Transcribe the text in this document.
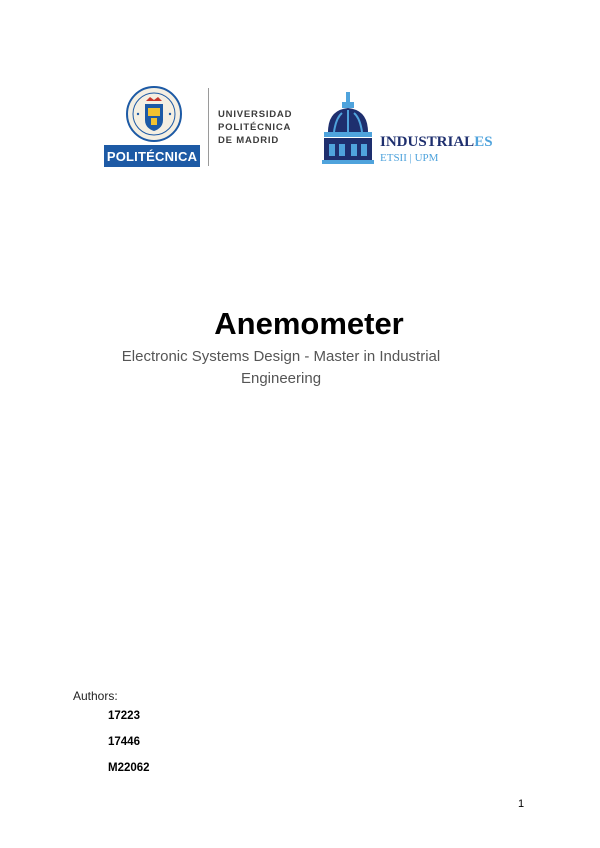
POLITÉCNICA
UNIVERSIDAD
POLITÉCNICA
DE MADRID	INDUSTRIALES
ETSII | UPM
Anemometer
Electronic Systems Design - Master in Industrial Engineering
Authors:
17223
17446
M22062
1
